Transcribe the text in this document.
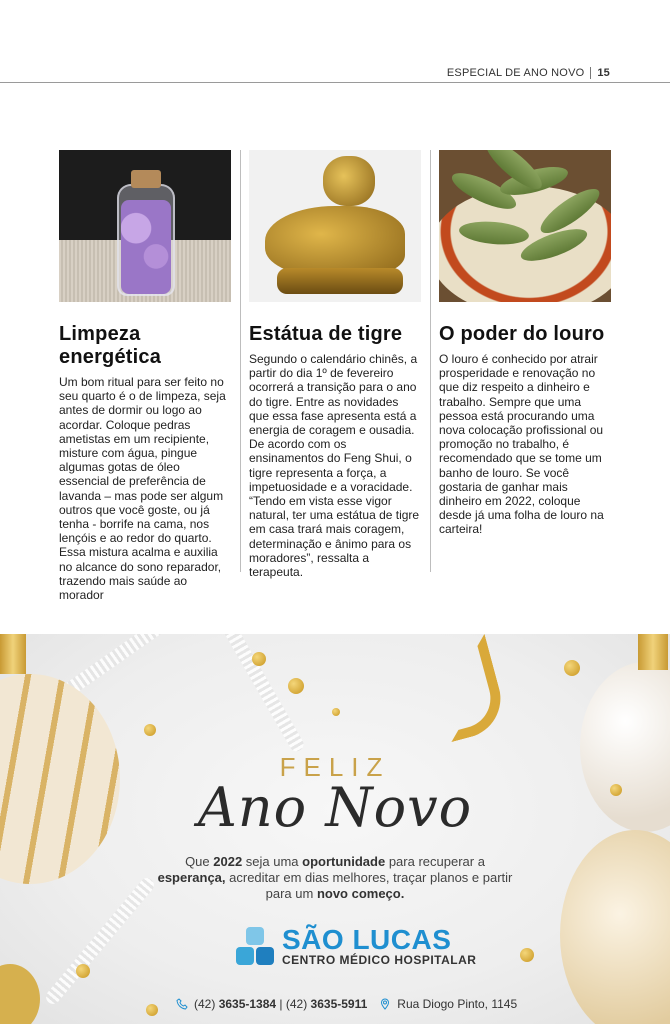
ESPECIAL DE ANO NOVO 15
Limpeza energética

Um bom ritual para ser feito no seu quarto é o de limpeza, seja antes de dormir ou logo ao acordar. Coloque pedras ametistas em um recipiente, misture com água, pingue algumas gotas de óleo essencial de preferência de lavanda – mas pode ser algum outros que você goste, ou já tenha - borrife na cama, nos lençóis e ao redor do quarto. Essa mistura acalma e auxilia no alcance do sono reparador, trazendo mais saúde ao morador

Estátua de tigre

Segundo o calendário chinês, a partir do dia 1º de fevereiro ocorrerá a transição para o ano do tigre. Entre as novidades que essa fase apresenta está a energia de coragem e ousadia. De acordo com os ensinamentos do Feng Shui, o tigre representa a força, a impetuosidade e a voracidade. “Tendo em vista esse vigor natural, ter uma estátua de tigre em casa trará mais coragem, determinação e ânimo para os moradores”, ressalta a terapeuta.

O poder do louro

O louro é conhecido por atrair prosperidade e renovação no que diz respeito a dinheiro e trabalho. Sempre que uma pessoa está procurando uma nova colocação profissional ou promoção no trabalho, é recomendado que se tome um banho de louro. Se você gostaria de ganhar mais dinheiro em 2022, coloque desde já uma folha de louro na carteira!

FELIZ
Ano Novo

Que 2022 seja uma oportunidade para recuperar a esperança, acreditar em dias melhores, traçar planos e partir para um novo começo.

SÃO LUCAS
CENTRO MÉDICO HOSPITALAR
(42) 3635-1384 | (42) 3635-5911	Rua Diogo Pinto, 1145
